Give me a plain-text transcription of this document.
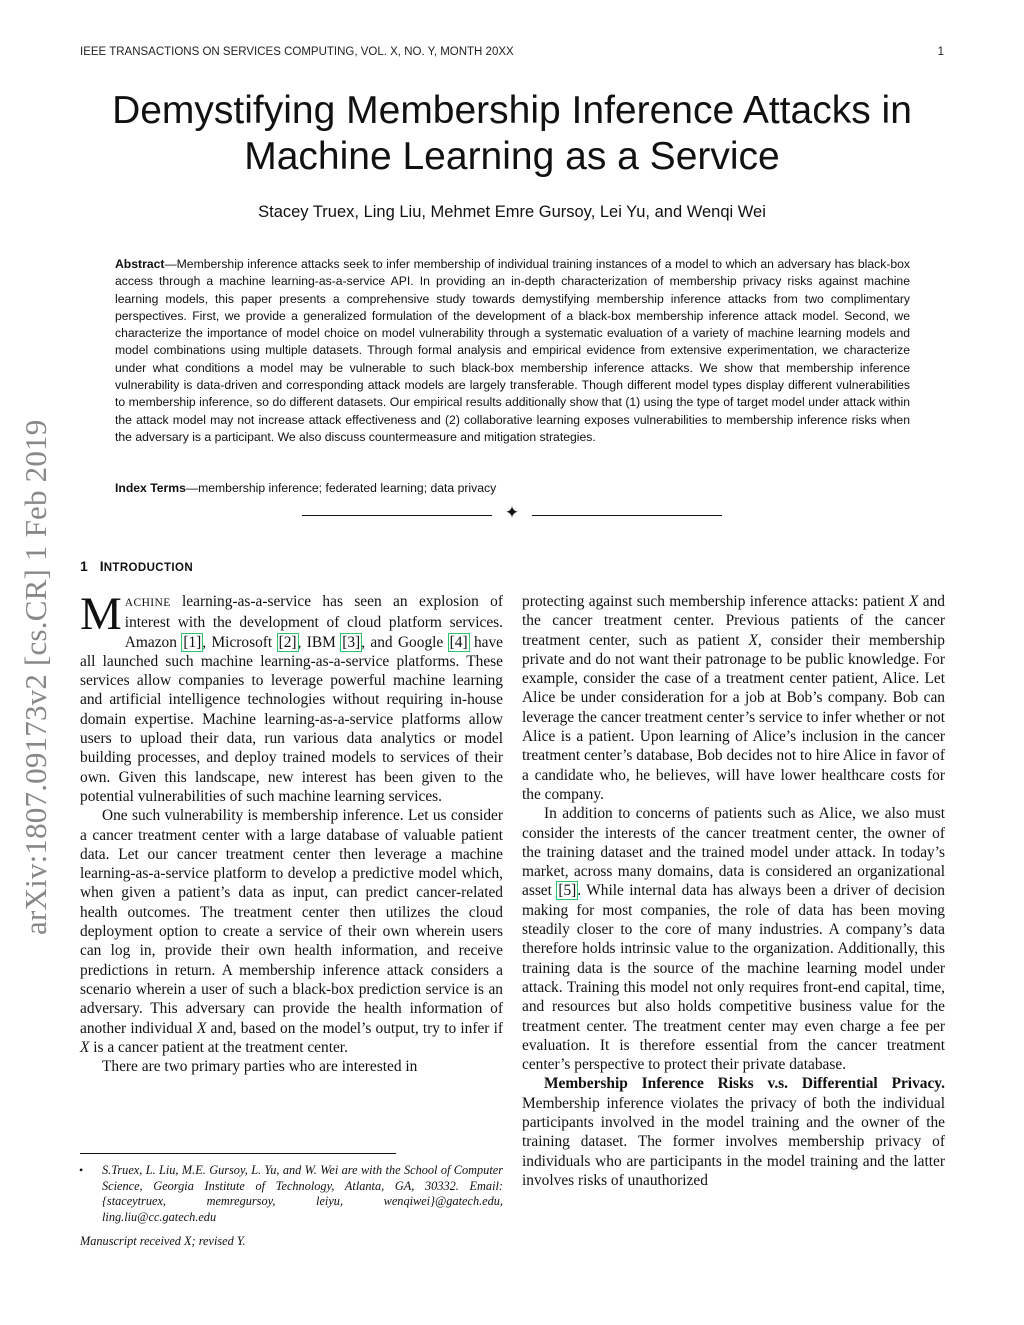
IEEE TRANSACTIONS ON SERVICES COMPUTING, VOL. X, NO. Y, MONTH 20XX	1
arXiv:1807.09173v2 [cs.CR] 1 Feb 2019
Demystifying Membership Inference Attacks in
Machine Learning as a Service
Stacey Truex, Ling Liu, Mehmet Emre Gursoy, Lei Yu, and Wenqi Wei
Abstract—Membership inference attacks seek to infer membership of individual training instances of a model to which an adversary has black-box access through a machine learning-as-a-service API. In providing an in-depth characterization of membership privacy risks against machine learning models, this paper presents a comprehensive study towards demystifying membership inference attacks from two complimentary perspectives. First, we provide a generalized formulation of the development of a black-box membership inference attack model. Second, we characterize the importance of model choice on model vulnerability through a systematic evaluation of a variety of machine learning models and model combinations using multiple datasets. Through formal analysis and empirical evidence from extensive experimentation, we characterize under what conditions a model may be vulnerable to such black-box membership inference attacks. We show that membership inference vulnerability is data-driven and corresponding attack models are largely transferable. Though different model types display different vulnerabilities to membership inference, so do different datasets. Our empirical results additionally show that (1) using the type of target model under attack within the attack model may not increase attack effectiveness and (2) collaborative learning exposes vulnerabilities to membership inference risks when the adversary is a participant. We also discuss countermeasure and mitigation strategies.
Index Terms—membership inference; federated learning; data privacy
✦
1 INTRODUCTION

MACHINE learning-as-a-service has seen an explosion of interest with the development of cloud platform services. Amazon [1], Microsoft [2], IBM [3], and Google [4] have all launched such machine learning-as-a-service platforms. These services allow companies to leverage powerful machine learning and artificial intelligence technologies without requiring in-house domain expertise. Machine learning-as-a-service platforms allow users to upload their data, run various data analytics or model building processes, and deploy trained models to services of their own. Given this landscape, new interest has been given to the potential vulnerabilities of such machine learning services.

One such vulnerability is membership inference. Let us consider a cancer treatment center with a large database of valuable patient data. Let our cancer treatment center then leverage a machine learning-as-a-service platform to develop a predictive model which, when given a patient’s data as input, can predict cancer-related health outcomes. The treatment center then utilizes the cloud deployment option to create a service of their own wherein users can log in, provide their own health information, and receive predictions in return. A membership inference attack considers a scenario wherein a user of such a black-box prediction service is an adversary. This adversary can provide the health information of another individual X and, based on the model’s output, try to infer if X is a cancer patient at the treatment center.

There are two primary parties who are interested in

• S.Truex, L. Liu, M.E. Gursoy, L. Yu, and W. Wei are with the School of Computer Science, Georgia Institute of Technology, Atlanta, GA, 30332. Email: {staceytruex, memregursoy, leiyu, wenqiwei}@gatech.edu, ling.liu@cc.gatech.edu
Manuscript received X; revised Y.

protecting against such membership inference attacks: patient X and the cancer treatment center. Previous patients of the cancer treatment center, such as patient X, consider their membership private and do not want their patronage to be public knowledge. For example, consider the case of a treatment center patient, Alice. Let Alice be under consideration for a job at Bob’s company. Bob can leverage the cancer treatment center’s service to infer whether or not Alice is a patient. Upon learning of Alice’s inclusion in the cancer treatment center’s database, Bob decides not to hire Alice in favor of a candidate who, he believes, will have lower healthcare costs for the company.

In addition to concerns of patients such as Alice, we also must consider the interests of the cancer treatment center, the owner of the training dataset and the trained model under attack. In today’s market, across many domains, data is considered an organizational asset [5]. While internal data has always been a driver of decision making for most companies, the role of data has been moving steadily closer to the core of many industries. A company’s data therefore holds intrinsic value to the organization. Additionally, this training data is the source of the machine learning model under attack. Training this model not only requires front-end capital, time, and resources but also holds competitive business value for the treatment center. The treatment center may even charge a fee per evaluation. It is therefore essential from the cancer treatment center’s perspective to protect their private database.

Membership Inference Risks v.s. Differential Privacy. Membership inference violates the privacy of both the individual participants involved in the model training and the owner of the training dataset. The former involves membership privacy of individuals who are participants in the model training and the latter involves risks of unauthorized
